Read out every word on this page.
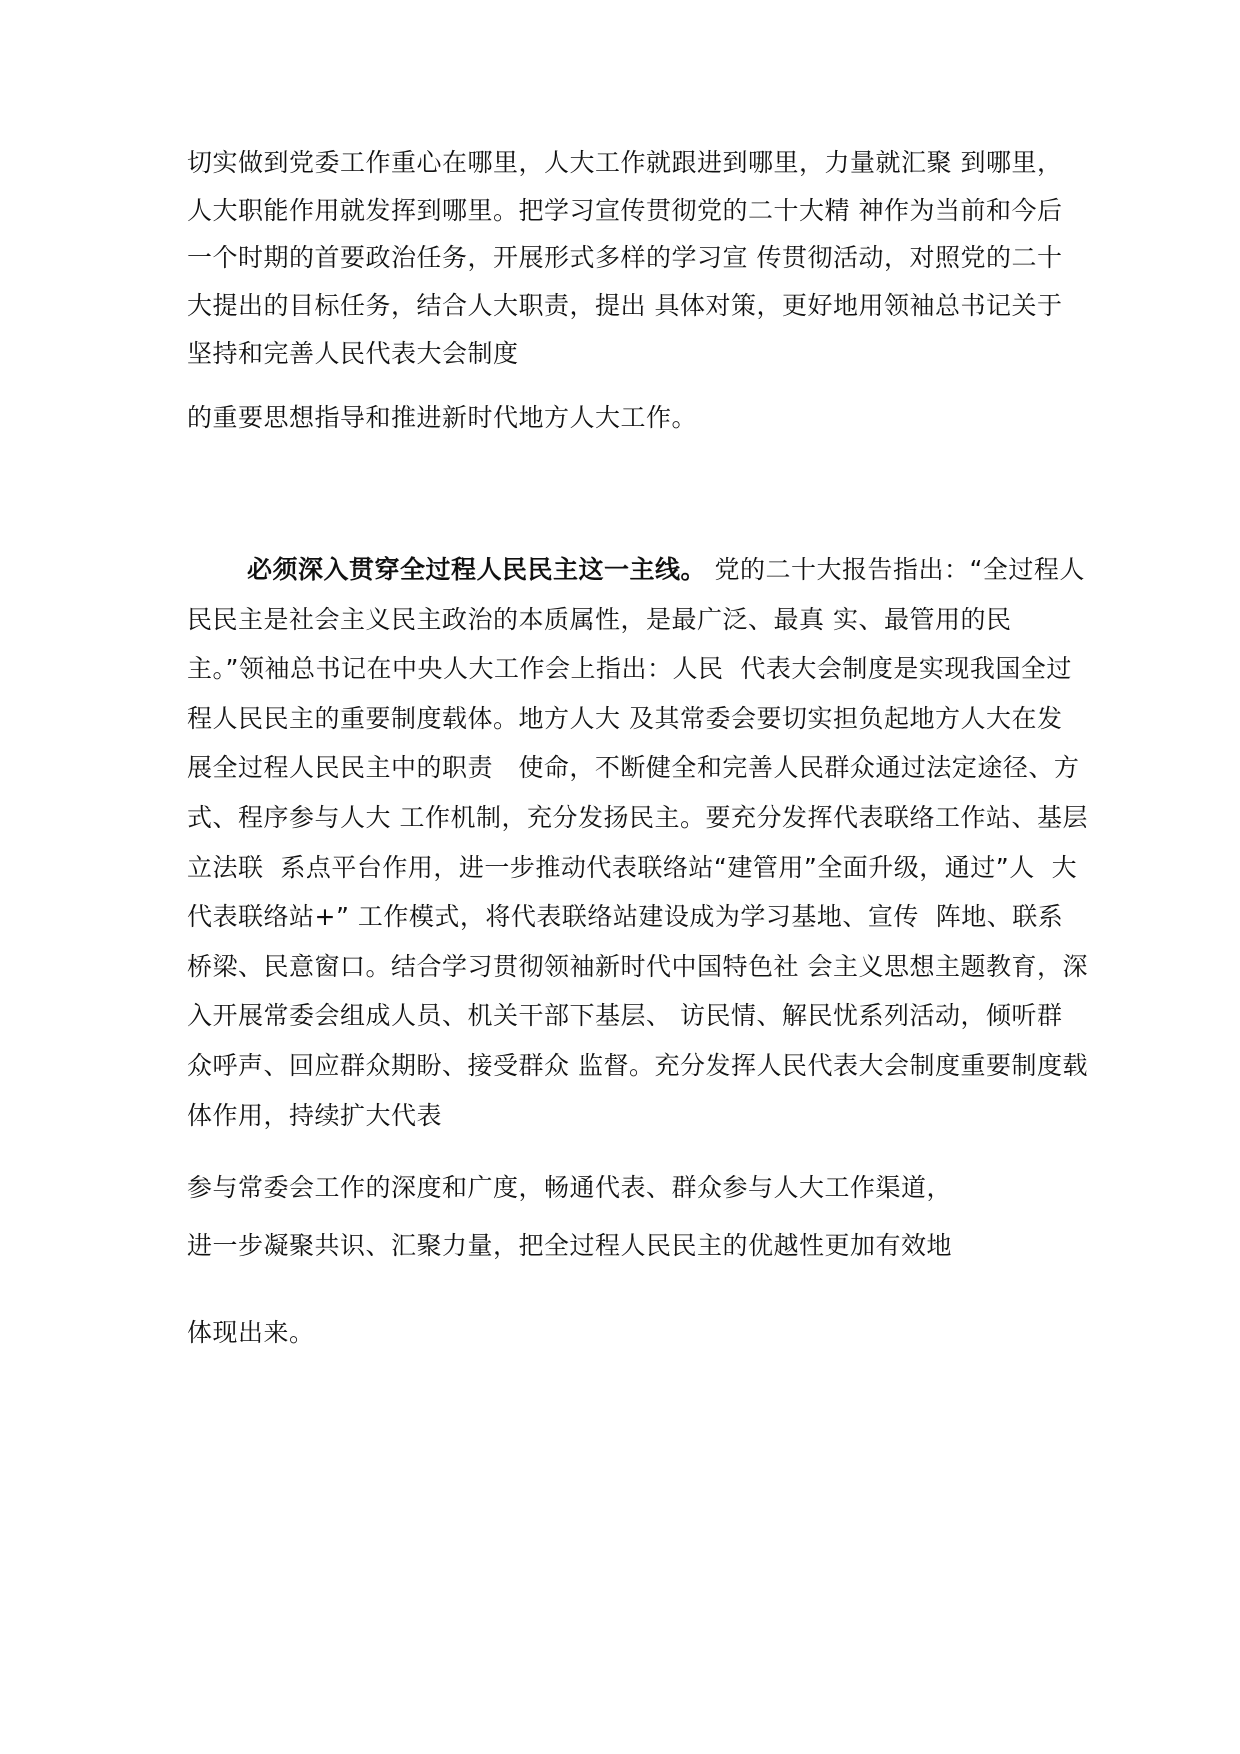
切实做到党委工作重心在哪里，人大工作就跟进到哪里，力量就汇聚 到哪里，
人大职能作用就发挥到哪里。把学习宣传贯彻党的二十大精 神作为当前和今后
一个时期的首要政治任务，开展形式多样的学习宣 传贯彻活动，对照党的二十
大提出的目标任务，结合人大职责，提出 具体对策，更好地用领袖总书记关于
坚持和完善人民代表大会制度
的重要思想指导和推进新时代地方人大工作。
必须深入贯穿全过程人民民主这一主线。 党的二十大报告指出：“全过程人
民民主是社会主义民主政治的本质属性，是最广泛、最真 实、最管用的民
主。”领袖总书记在中央人大工作会上指出：人民  代表大会制度是实现我国全过
程人民民主的重要制度载体。地方人大 及其常委会要切实担负起地方人大在发
展全过程人民民主中的职责   使命，不断健全和完善人民群众通过法定途径、方
式、程序参与人大 工作机制，充分发扬民主。要充分发挥代表联络工作站、基层
立法联  系点平台作用，进一步推动代表联络站“建管用”全面升级，通过”人  大
代表联络站+” 工作模式，将代表联络站建设成为学习基地、宣传  阵地、联系
桥梁、民意窗口。结合学习贯彻领袖新时代中国特色社 会主义思想主题教育，深
入开展常委会组成人员、机关干部下基层、 访民情、解民忧系列活动，倾听群
众呼声、回应群众期盼、接受群众 监督。充分发挥人民代表大会制度重要制度载
体作用，持续扩大代表
参与常委会工作的深度和广度，畅通代表、群众参与人大工作渠道，
进一步凝聚共识、汇聚力量，把全过程人民民主的优越性更加有效地
体现出来。
